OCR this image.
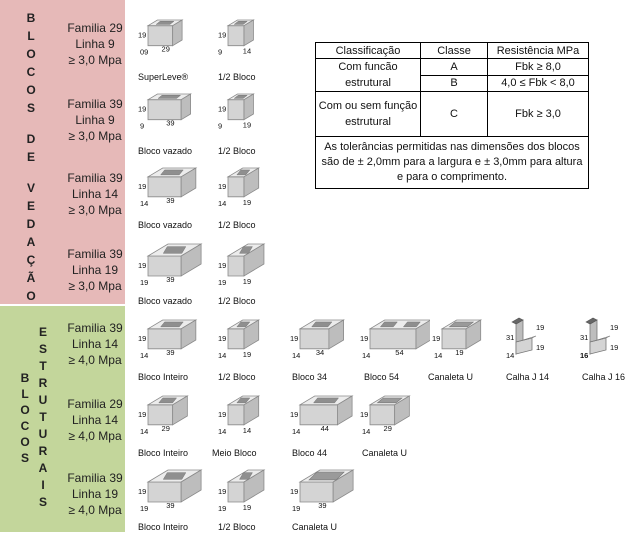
B
L
O
C
O
S
D
E
V
E
D
A
Ç
Ã
O
B
L
O
C
O
S
E
S
T
R
U
T
U
R
A
I
S
Familia 29
Linha 9
≥ 3,0 Mpa
Familia 39
Linha 9
≥ 3,0 Mpa
Familia 39
Linha 14
≥ 3,0 Mpa
Familia 39
Linha 19
≥ 3,0 Mpa
Familia 39
Linha 14
≥ 4,0 Mpa
Familia 29
Linha 14
≥ 4,0 Mpa
Familia 39
Linha 19
≥ 4,0 Mpa
Classificação	Classe	Resistência MPa
Com funcão estrutural	A	Fbk ≥ 8,0
	B	4,0 ≤ Fbk < 8,0
Com ou sem função estrutural	C	Fbk ≥ 3,0
As tolerâncias permitidas nas dimensões dos blocos são de ± 2,0mm para a largura e ± 3,0mm para altura e para o comprimento.		
19
09 29
SuperLeve®
19
9	14
1/2 Bloco
19
9	39
Bloco vazado
19
9	19
1/2 Bloco
19
14 39
Bloco vazado
19
14 19
1/2 Bloco
19
19 39
Bloco vazado
19
19 19
1/2 Bloco
19
14 39
Bloco Inteiro
19
14 19
1/2 Bloco
19
14 34
Bloco 34
19
14	54
Bloco 54
19
14 19
Canaleta U
31
19
14
19
Calha J 14
31
19
16
19
Calha J 16
19
14 29
Bloco Inteiro
19
14 14
Meio Bloco
19
14	44
Bloco 44
19
14 29
Canaleta U
19
19 39
Bloco Inteiro
19
19 19
1/2 Bloco
19
19 39
Canaleta U
